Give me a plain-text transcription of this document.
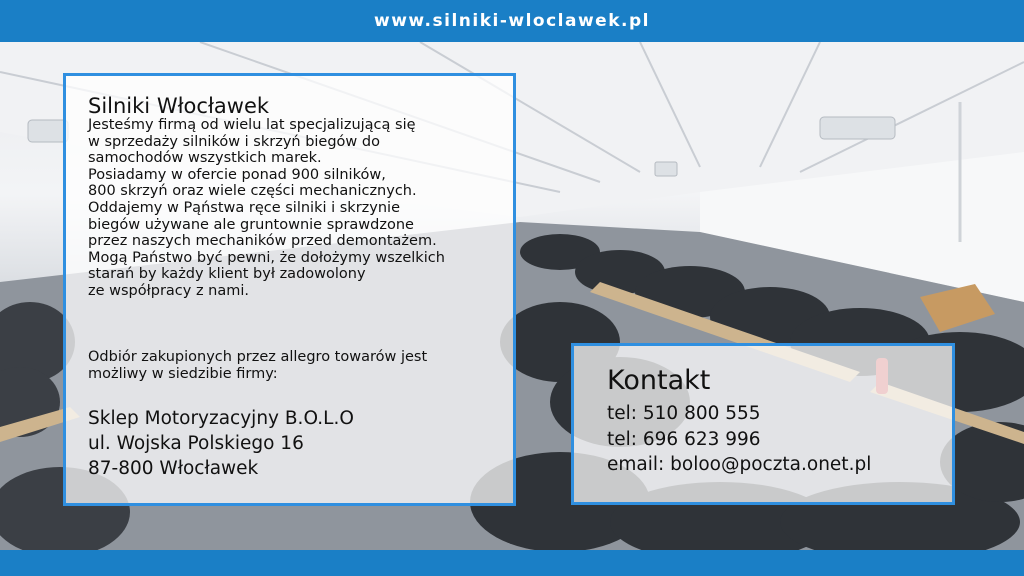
www.silniki-wloclawek.pl
Silniki Włocławek
Jesteśmy firmą od wielu lat specjalizującą się
w sprzedaży silników i skrzyń biegów do
samochodów wszystkich marek.
Posiadamy w ofercie ponad 900 silników,
800 skrzyń oraz wiele części mechanicznych.
Oddajemy w Pąństwa ręce silniki i skrzynie
biegów używane ale gruntownie sprawdzone
przez naszych mechaników przed demontażem.
Mogą Państwo być pewni, że dołożymy wszelkich
starań by każdy klient był zadowolony
ze współpracy z nami.
Odbiór zakupionych przez allegro towarów jest
możliwy w siedzibie firmy:
Sklep Motoryzacyjny B.O.L.O
ul. Wojska Polskiego 16
87-800 Włocławek
Kontakt
tel: 510 800 555
tel: 696 623 996
email: boloo@poczta.onet.pl
